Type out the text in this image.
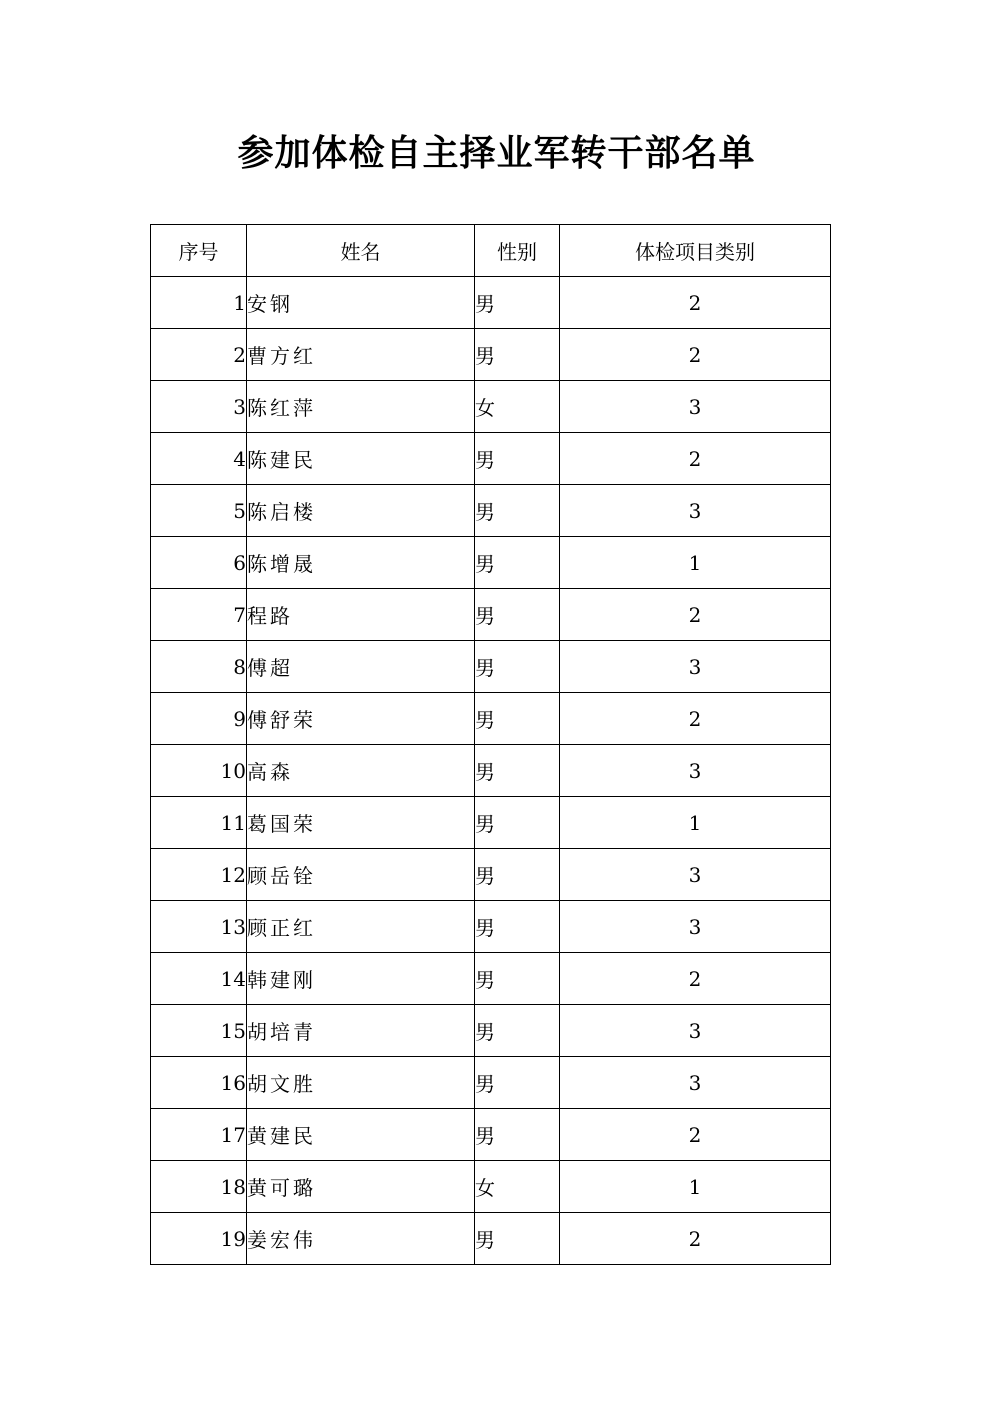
参加体检自主择业军转干部名单
序号	姓名	性别	体检项目类别
1	安钢	男	2
2	曹方红	男	2
3	陈红萍	女	3
4	陈建民	男	2
5	陈启楼	男	3
6	陈增晟	男	1
7	程路	男	2
8	傅超	男	3
9	傅舒荣	男	2
10	高森	男	3
11	葛国荣	男	1
12	顾岳铨	男	3
13	顾正红	男	3
14	韩建刚	男	2
15	胡培青	男	3
16	胡文胜	男	3
17	黄建民	男	2
18	黄可璐	女	1
19	姜宏伟	男	2
